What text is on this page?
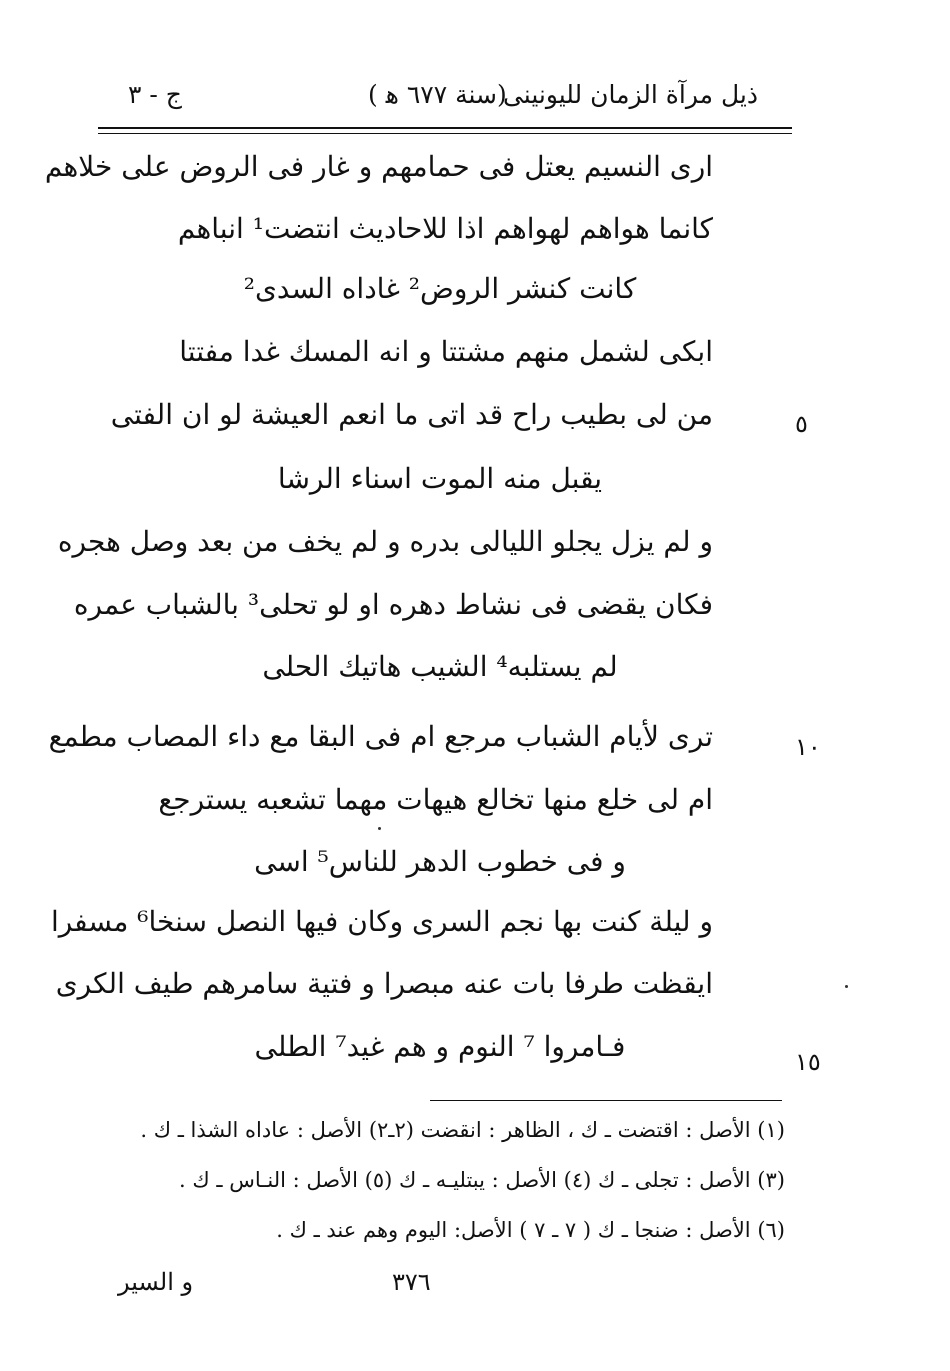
ذيل مرآة الزمان لليونينى
(سنة ٦٧٧ ﻫ )
ج - ٣
ارى النسيم يعتل فى حمامهم و غار فى الروض على خلاهم
كانما هواهم لهواهم اذا للاحاديث انتضت¹ انباهم
كانت كنشر الروض² غاداه السدى²
ابكى لشمل منهم مشتتا و انه المسك غدا مفتتا
من لى بطيب راح قد اتى ما انعم العيشة لو ان الفتى	٥
يقبل منه الموت اسناء الرشا
و لم يزل يجلو الليالى بدره و لم يخف من بعد وصل هجره
فكان يقضى فى نشاط دهره او لو تحلى³ بالشباب عمره
لم يستلبه⁴ الشيب هاتيك الحلى
ترى لأيام الشباب مرجع ام فى البقا مع داء المصاب مطمع	١٠
ام لى خلع منها تخالع هيهات مهما تشعبه يسترجع
و فى خطوب الدهر للناس⁵ اسى
و ليلة كنت بها نجم السرى وكان فيها النصل سنخا⁶ مسفرا
ايقظت طرفا بات عنه مبصرا و فتية سامرهم طيف الكرى
فـامروا ⁷ النوم و هم غيد⁷ الطلى	١٥
(١) الأصل : اقتضت ـ ك ، الظاهر : انقضت (٢ـ٢) الأصل : عاداه الشذا ـ ك .
(٣) الأصل : تجلى ـ ك (٤) الأصل : يبتليـه ـ ك (٥) الأصل : النـاس ـ ك .
(٦) الأصل : ضنجا ـ ك ( ٧ ـ ٧ ) الأصل: اليوم وهم عند ـ ك .
٣٧٦
و السير
